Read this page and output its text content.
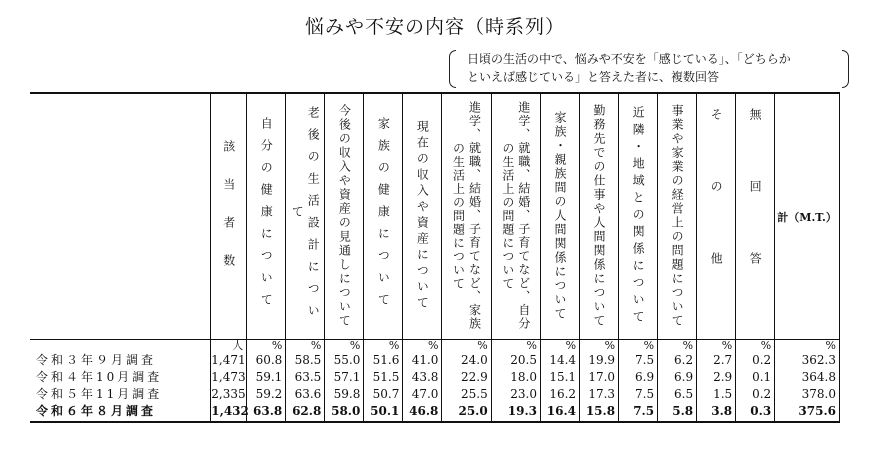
悩みや不安の内容（時系列）
日頃の生活の中で、悩みや不安を「感じている」、「どちらか
といえば感じている」と答えた者に、複数回答

	該当者数	自分の健康について	老後の生活設計について	今後の収入や資産の見通しについて	家族の健康について	現在の収入や資産について	進学、就職、結婚、子育てなど、家族
の生活上の問題について	進学、就職、結婚、子育てなど、自分
の生活上の問題について	家族・親族間の人間関係について	勤務先での仕事や人間関係について	近隣・地域との関係について	事業や家業の経営上の問題について	その他	無回答	計（M.T.）

	人	%	%	%	%	%	%	%	%	%	%	%	%	%	%
令和３年９月調査	1,471	60.8	58.5	55.0	51.6	41.0	24.0	20.5	14.4	19.9	7.5	6.2	2.7	0.2	362.3
令和４年10月調査	1,473	59.1	63.5	57.1	51.5	43.8	22.9	18.0	15.1	17.0	6.9	6.9	2.9	0.1	364.8
令和５年11月調査	2,335	59.2	63.6	59.8	50.7	47.0	25.5	23.0	16.2	17.3	7.5	6.5	1.5	0.2	378.0
令和６年８月調査	1,432	63.8	62.8	58.0	50.1	46.8	25.0	19.3	16.4	15.8	7.5	5.8	3.8	0.3	375.6
